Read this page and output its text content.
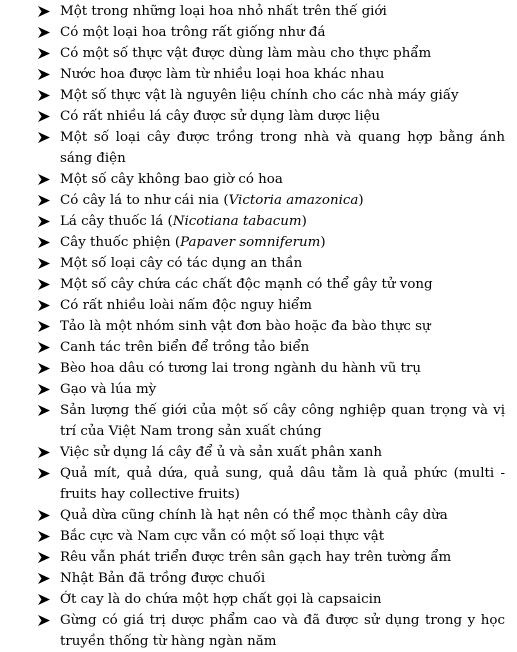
Một trong những loại hoa nhỏ nhất trên thế giới
Có một loại hoa trông rất giống như đá
Có một số thực vật được dùng làm màu cho thực phẩm
Nước hoa được làm từ nhiều loại hoa khác nhau
Một số thực vật là nguyên liệu chính cho các nhà máy giấy
Có rất nhiều lá cây được sử dụng làm dược liệu
Một số loại cây được trồng trong nhà và quang hợp bằng ánh sáng điện
Một số cây không bao giờ có hoa
Có cây lá to như cái nia (Victoria amazonica)
Lá cây thuốc lá (Nicotiana tabacum)
Cây thuốc phiện (Papaver somniferum)
Một số loại cây có tác dụng an thần
Một số cây chứa các chất độc mạnh có thể gây tử vong
Có rất nhiều loài nấm độc nguy hiểm
Tảo là một nhóm sinh vật đơn bào hoặc đa bào thực sự
Canh tác trên biển để trồng tảo biển
Bèo hoa dâu có tương lai trong ngành du hành vũ trụ
Gạo và lúa mỳ
Sản lượng thế giới của một số cây công nghiệp quan trọng và vị trí của Việt Nam trong sản xuất chúng
Việc sử dụng lá cây để ủ và sản xuất phân xanh
Quả mít, quả dứa, quả sung, quả dâu tằm là quả phức (multi - fruits hay collective fruits)
Quả dừa cũng chính là hạt nên có thể mọc thành cây dừa
Bắc cực và Nam cực vẫn có một số loại thực vật
Rêu vẫn phát triển được trên sân gạch hay trên tường ẩm
Nhật Bản đã trồng được chuối
Ớt cay là do chứa một hợp chất gọi là capsaicin
Gừng có giá trị dược phẩm cao và đã được sử dụng trong y học truyền thống từ hàng ngàn năm
